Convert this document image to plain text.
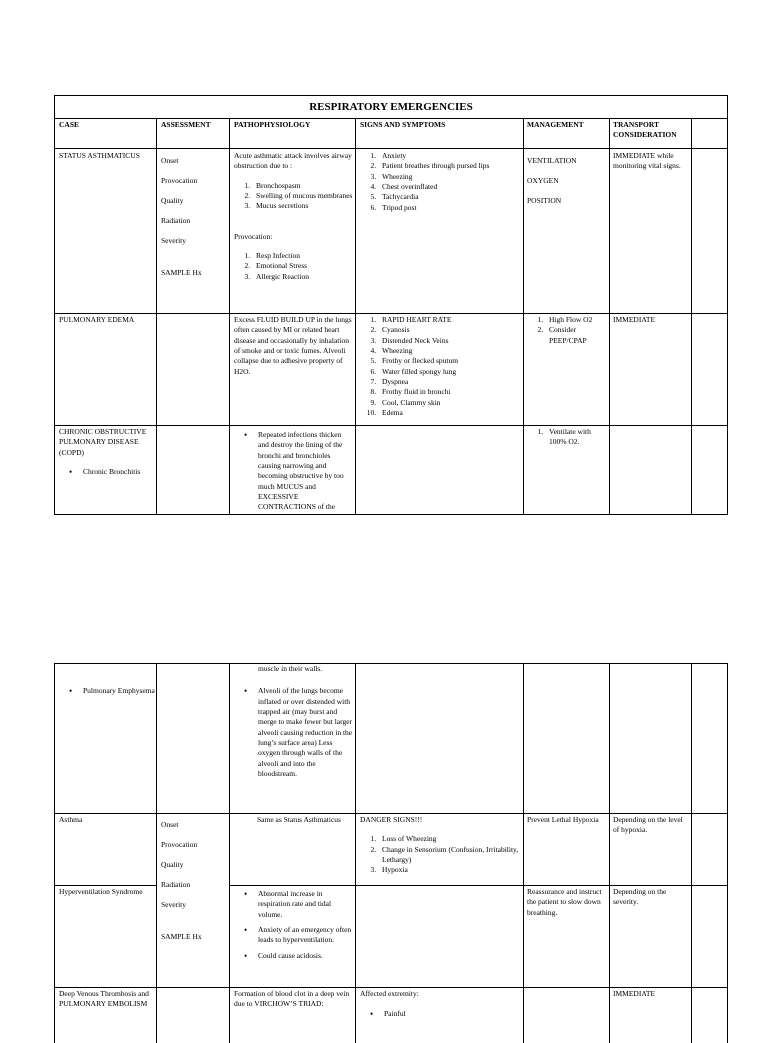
RESPIRATORY EMERGENCIES
CASE	ASSESSMENT	PATHOPHYSIOLOGY	SIGNS AND SYMPTOMS	MANAGEMENT	TRANSPORT CONSIDERATION
STATUS ASTHMATICUS
Onset
Provocation
Quality
Radiation
Severity
SAMPLE Hx
Acute asthmatic attack involves airway obstruction due to :
1. Bronchospasm
2. Swelling of mucous membranes
3. Mucus secretions
Provocation:
1. Resp Infection
2. Emotional Stress
3. Allergic Reaction
1. Anxiety
2. Patient breathes through pursed lips
3. Wheezing
4. Chest overinflated
5. Tachycardia
6. Tripod post
VENTILATION
OXYGEN
POSITION
IMMEDIATE while monitoring vital signs.
PULMONARY EDEMA	Excess FLUID BUILD UP in the lungs often caused by MI or related heart disease and occasionally by inhalation of smoke and or toxic fumes. Alveoli collapse due to adhesive property of H2O.
1. RAPID HEART RATE
2. Cyanosis
3. Distended Neck Veins
4. Wheezing
5. Frothy or flecked sputum
6. Water filled spongy lung
7. Dyspnea
8. Frothy fluid in bronchi
9. Cool, Clammy skin
10. Edema
1. High Flow O2
2. Consider PEEP/CPAP
IMMEDIATE
CHRONIC OBSTRUCTIVE PULMONARY DISEASE (COPD)
• Chronic Bronchitis
• Repeated infections thicken and destroy the lining of the bronchi and bronchioles causing narrowing and becoming obstructive by too much MUCUS and EXCESSIVE CONTRACTIONS of the
1. Ventilate with 100% O2.
muscle in their walls.
• Alveoli of the lungs become inflated or over distended with trapped air (may burst and merge to make fewer but larger alveoli causing reduction in the lung’s surface area) Less oxygen through walls of the alveoli and into the bloodstream.
• Pulmonary Emphysema
Asthma
Onset
Provocation
Quality
Radiation
Severity
SAMPLE Hx
Same as Status Asthmaticus	DANGER SIGNS!!!
1. Loss of Wheezing
2. Change in Sensorium (Confusion, Irritability, Lethargy)
3. Hypoxia
Prevent Lethal Hypoxia	Depending on the level of hypoxia.
Hyperventilation Syndrome
•	Abnormal increase in respiration rate and tidal volume.
• Anxiety of an emergency often leads to hyperventilation.
• Could cause acidosis.
Reassurance and instruct the patient to slow down breathing.
Depending on the severity.
Deep Venous Thrombosis and PULMONARY EMBOLISM
Formation of blood clot in a deep vein due to VIRCHOW’S TRIAD:
Affected extremity:
• Painful
IMMEDIATE
